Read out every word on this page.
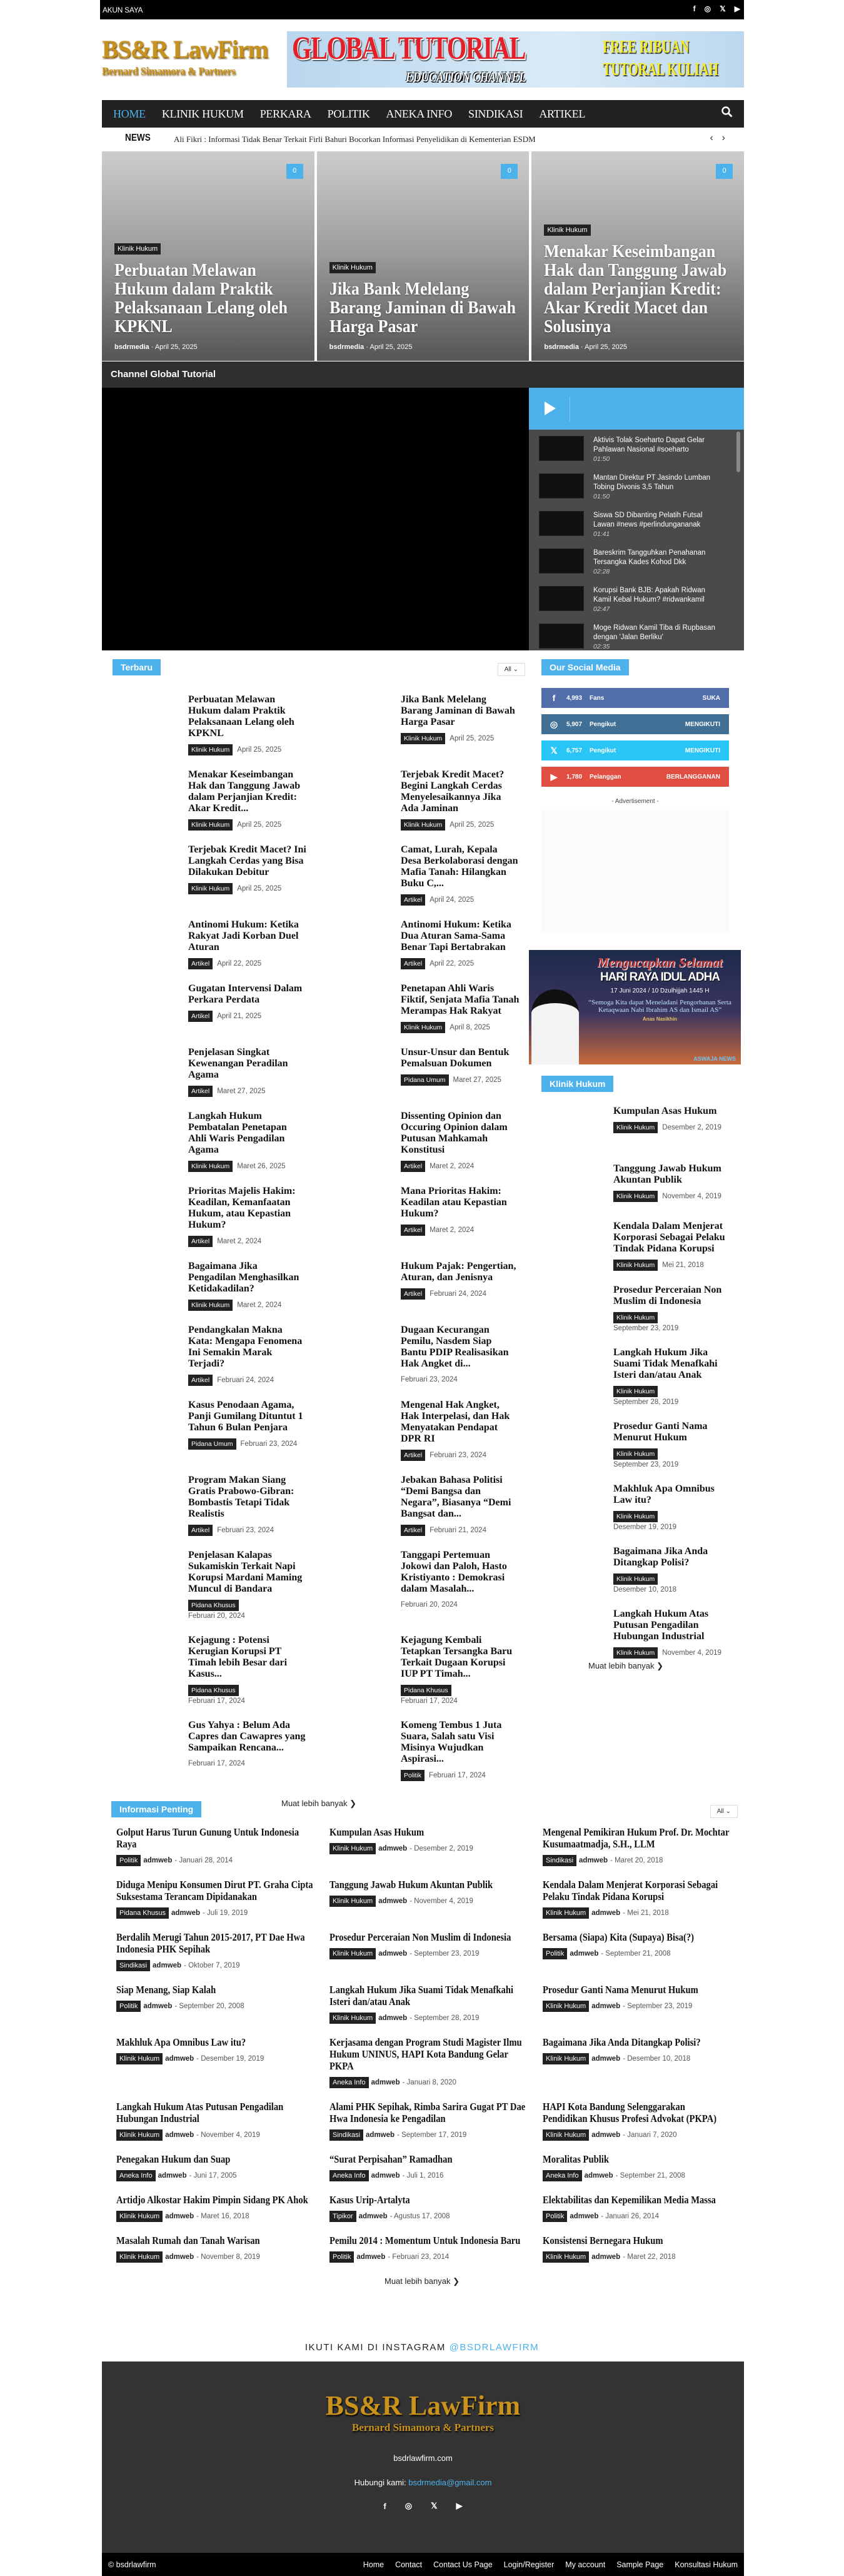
AKUN SAYA	f ◎ 𝕏 ▶
GLOBAL TUTORIAL
EDUCATION CHANNEL
FREE RIBUAN TUTORAL KULIAH
BS&R LawFirm
Bernard Simamora & Partners
HOME KLINIK HUKUM PERKARA POLITIK ANEKA INFO SINDIKASI ARTIKEL
NEWS	Ali Fikri : Informasi Tidak Benar Terkait Firli Bahuri Bocorkan Informasi Penyelidikan di Kementerian ESDM	‹ ›
0
Klinik Hukum
Perbuatan Melawan Hukum dalam Praktik Pelaksanaan Lelang oleh KPKNL
bsdrmedia · April 25, 2025
0
Klinik Hukum
Jika Bank Melelang Barang Jaminan di Bawah Harga Pasar
bsdrmedia · April 25, 2025
0
Klinik Hukum
Menakar Keseimbangan Hak dan Tanggung Jawab dalam Perjanjian Kredit: Akar Kredit Macet dan Solusinya
bsdrmedia · April 25, 2025
Channel Global Tutorial
Aktivis Tolak Soeharto Dapat Gelar Pahlawan Nasional #soeharto
01:50
Mantan Direktur PT Jasindo Lumban Tobing Divonis 3,5 Tahun
01:50
Siswa SD Dibanting Pelatih Futsal Lawan #news #perlindungananak
01:41
Bareskrim Tangguhkan Penahanan Tersangka Kades Kohod Dkk
02:28
Korupsi Bank BJB: Apakah Ridwan Kamil Kebal Hukum? #ridwankamil
02:47
Moge Ridwan Kamil Tiba di Rupbasan dengan 'Jalan Berliku'
02:35
Terbaru	All ⌄
Perbuatan Melawan Hukum dalam Praktik Pelaksanaan Lelang oleh KPKNL
Klinik Hukum April 25, 2025
Jika Bank Melelang Barang Jaminan di Bawah Harga Pasar
Klinik Hukum April 25, 2025
Menakar Keseimbangan Hak dan Tanggung Jawab dalam Perjanjian Kredit: Akar Kredit...
Klinik Hukum April 25, 2025
Terjebak Kredit Macet? Begini Langkah Cerdas Menyelesaikannya Jika Ada Jaminan
Klinik Hukum April 25, 2025
Terjebak Kredit Macet? Ini Langkah Cerdas yang Bisa Dilakukan Debitur
Klinik Hukum April 25, 2025
Camat, Lurah, Kepala Desa Berkolaborasi dengan Mafia Tanah: Hilangkan Buku C,...
Artikel April 24, 2025
Antinomi Hukum: Ketika Rakyat Jadi Korban Duel Aturan
Artikel April 22, 2025
Antinomi Hukum: Ketika Dua Aturan Sama-Sama Benar Tapi Bertabrakan
Artikel April 22, 2025
Gugatan Intervensi Dalam Perkara Perdata
Artikel April 21, 2025
Penetapan Ahli Waris Fiktif, Senjata Mafia Tanah Merampas Hak Rakyat
Klinik Hukum April 8, 2025
Penjelasan Singkat Kewenangan Peradilan Agama
Artikel Maret 27, 2025
Unsur-Unsur dan Bentuk Pemalsuan Dokumen
Pidana Umum Maret 27, 2025
Langkah Hukum Pembatalan Penetapan Ahli Waris Pengadilan Agama
Klinik Hukum Maret 26, 2025
Dissenting Opinion dan Occuring Opinion dalam Putusan Mahkamah Konstitusi
Artikel Maret 2, 2024
Prioritas Majelis Hakim: Keadilan, Kemanfaatan Hukum, atau Kepastian Hukum?
Artikel Maret 2, 2024
Mana Prioritas Hakim: Keadilan atau Kepastian Hukum?
Artikel Maret 2, 2024
Bagaimana Jika Pengadilan Menghasilkan Ketidakadilan?
Klinik Hukum Maret 2, 2024
Hukum Pajak: Pengertian, Aturan, dan Jenisnya
Artikel Februari 24, 2024
Pendangkalan Makna Kata: Mengapa Fenomena Ini Semakin Marak Terjadi?
Artikel Februari 24, 2024
Dugaan Kecurangan Pemilu, Nasdem Siap Bantu PDIP Realisasikan Hak Angket di...
Februari 23, 2024
Kasus Penodaan Agama, Panji Gumilang Dituntut 1 Tahun 6 Bulan Penjara
Pidana Umum Februari 23, 2024
Mengenal Hak Angket, Hak Interpelasi, dan Hak Menyatakan Pendapat DPR RI
Artikel Februari 23, 2024
Program Makan Siang Gratis Prabowo-Gibran: Bombastis Tetapi Tidak Realistis
Artikel Februari 23, 2024
Jebakan Bahasa Politisi “Demi Bangsa dan Negara”, Biasanya “Demi Bangsat dan...
Artikel Februari 21, 2024
Penjelasan Kalapas Sukamiskin Terkait Napi Korupsi Mardani Maming Muncul di Bandara
Pidana Khusus
Februari 20, 2024
Tanggapi Pertemuan Jokowi dan Paloh, Hasto Kristiyanto : Demokrasi dalam Masalah...
Februari 20, 2024
Kejagung : Potensi Kerugian Korupsi PT Timah lebih Besar dari Kasus...
Pidana Khusus
Februari 17, 2024
Kejagung Kembali Tetapkan Tersangka Baru Terkait Dugaan Korupsi IUP PT Timah...
Pidana Khusus
Februari 17, 2024
Gus Yahya : Belum Ada Capres dan Cawapres yang Sampaikan Rencana...
Februari 17, 2024
Komeng Tembus 1 Juta Suara, Salah satu Visi Misinya Wujudkan Aspirasi...
Politik Februari 17, 2024
Muat lebih banyak ❯
Our Social Media
f	4,993	Fans	SUKA
◎	5,907	Pengikut	MENGIKUTI
𝕏	6,757	Pengikut	MENGIKUTI
▶	1,780	Pelanggan	BERLANGGANAN
- Advertisement -
Mengucapkan Selamat
HARI RAYA IDUL ADHA
17 Juni 2024 / 10 Dzulhijjah 1445 H
“Semoga Kita dapat Meneladani Pengorbanan Serta Ketaqwaan Nabi Ibrahim AS dan Ismail AS”
Anas Nasikhin
ASWAJA NEWS
Klinik Hukum
Kumpulan Asas Hukum
Klinik Hukum Desember 2, 2019
Tanggung Jawab Hukum Akuntan Publik
Klinik Hukum November 4, 2019
Kendala Dalam Menjerat Korporasi Sebagai Pelaku Tindak Pidana Korupsi
Klinik Hukum Mei 21, 2018
Prosedur Perceraian Non Muslim di Indonesia
Klinik Hukum
September 23, 2019
Langkah Hukum Jika Suami Tidak Menafkahi Isteri dan/atau Anak
Klinik Hukum
September 28, 2019
Prosedur Ganti Nama Menurut Hukum
Klinik Hukum
September 23, 2019
Makhluk Apa Omnibus Law itu?
Klinik Hukum
Desember 19, 2019
Bagaimana Jika Anda Ditangkap Polisi?
Klinik Hukum
Desember 10, 2018
Langkah Hukum Atas Putusan Pengadilan Hubungan Industrial
Klinik Hukum November 4, 2019
Muat lebih banyak ❯
Informasi Penting	All ⌄
Golput Harus Turun Gunung Untuk Indonesia Raya
Politik admweb - Januari 28, 2014
Kumpulan Asas Hukum
Klinik Hukum admweb - Desember 2, 2019
Mengenal Pemikiran Hukum Prof. Dr. Mochtar Kusumaatmadja, S.H., LLM
Sindikasi admweb - Maret 20, 2018
Diduga Menipu Konsumen Dirut PT. Graha Cipta Suksestama Terancam Dipidanakan
Pidana Khusus admweb - Juli 19, 2019
Tanggung Jawab Hukum Akuntan Publik
Klinik Hukum admweb - November 4, 2019
Kendala Dalam Menjerat Korporasi Sebagai Pelaku Tindak Pidana Korupsi
Klinik Hukum admweb - Mei 21, 2018
Berdalih Merugi Tahun 2015-2017, PT Dae Hwa Indonesia PHK Sepihak
Sindikasi admweb - Oktober 7, 2019
Prosedur Perceraian Non Muslim di Indonesia
Klinik Hukum admweb - September 23, 2019
Bersama (Siapa) Kita (Supaya) Bisa(?)
Politik admweb - September 21, 2008
Siap Menang, Siap Kalah
Politik admweb - September 20, 2008
Langkah Hukum Jika Suami Tidak Menafkahi Isteri dan/atau Anak
Klinik Hukum admweb - September 28, 2019
Prosedur Ganti Nama Menurut Hukum
Klinik Hukum admweb - September 23, 2019
Makhluk Apa Omnibus Law itu?
Klinik Hukum admweb - Desember 19, 2019
Kerjasama dengan Program Studi Magister Ilmu Hukum UNINUS, HAPI Kota Bandung Gelar PKPA
Aneka Info admweb - Januari 8, 2020
Bagaimana Jika Anda Ditangkap Polisi?
Klinik Hukum admweb - Desember 10, 2018
Langkah Hukum Atas Putusan Pengadilan Hubungan Industrial
Klinik Hukum admweb - November 4, 2019
Alami PHK Sepihak, Rimba Sarira Gugat PT Dae Hwa Indonesia ke Pengadilan
Sindikasi admweb - September 17, 2019
HAPI Kota Bandung Selenggarakan Pendidikan Khusus Profesi Advokat (PKPA)
Klinik Hukum admweb - Januari 7, 2020
Penegakan Hukum dan Suap
Aneka Info admweb - Juni 17, 2005
“Surat Perpisahan” Ramadhan
Aneka Info admweb - Juli 1, 2016
Moralitas Publik
Aneka Info admweb - September 21, 2008
Artidjo Alkostar Hakim Pimpin Sidang PK Ahok
Klinik Hukum admweb - Maret 16, 2018
Kasus Urip-Artalyta
Tipikor admweb - Agustus 17, 2008
Elektabilitas dan Kepemilikan Media Massa
Politik admweb - Januari 26, 2014
Masalah Rumah dan Tanah Warisan
Klinik Hukum admweb - November 8, 2019
Pemilu 2014 : Momentum Untuk Indonesia Baru
Politik admweb - Februari 23, 2014
Konsistensi Bernegara Hukum
Klinik Hukum admweb - Maret 22, 2018
Muat lebih banyak ❯
IKUTI KAMI DI INSTAGRAM @BSDRLAWFIRM
BS&R LawFirm
Bernard Simamora & Partners
bsdrlawfirm.com
Hubungi kami: bsdrmedia@gmail.com
f ◎ 𝕏 ▶
© bsdrlawfirm	Home Contact Contact Us Page Login/Register My account Sample Page Konsultasi Hukum
